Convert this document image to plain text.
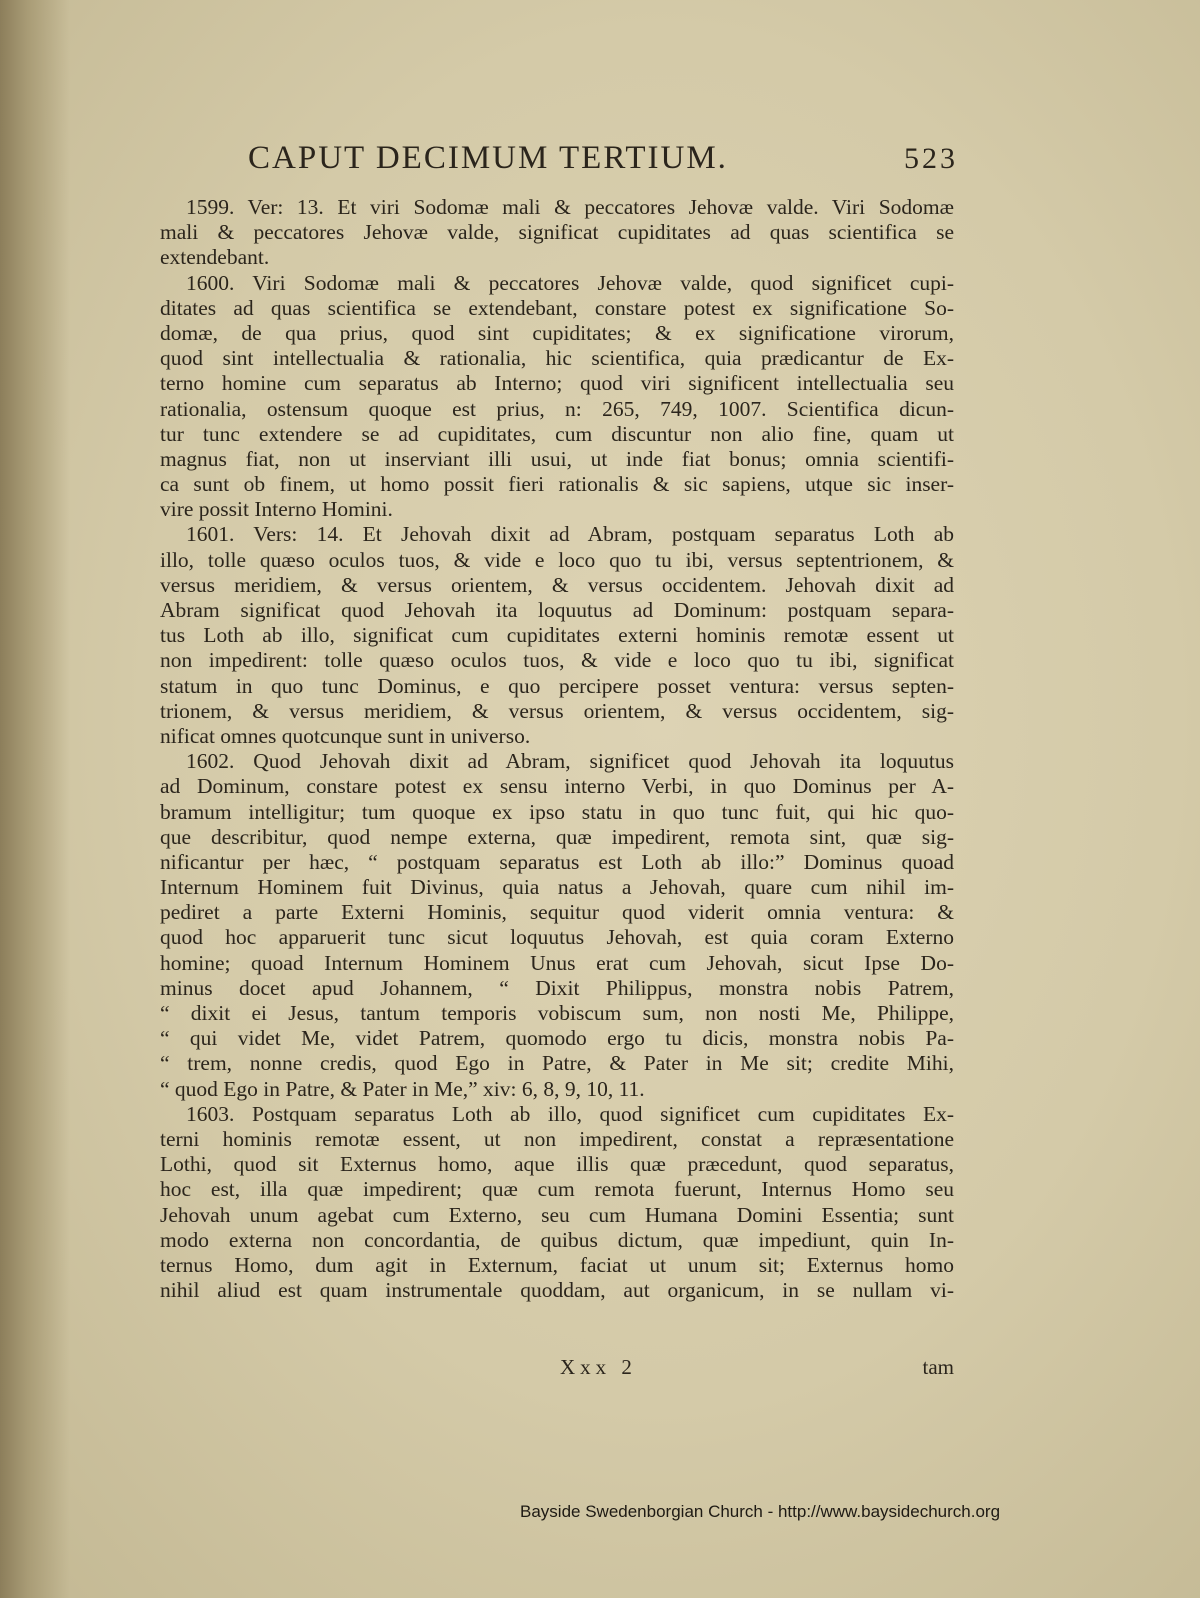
CAPUT DECIMUM TERTIUM.	523
1599. Ver: 13. Et viri Sodomæ mali & peccatores Jehovæ valde. Viri Sodomæ
mali & peccatores Jehovæ valde, significat cupiditates ad quas scientifica se
extendebant.
1600. Viri Sodomæ mali & peccatores Jehovæ valde, quod significet cupi-
ditates ad quas scientifica se extendebant, constare potest ex significatione So-
domæ, de qua prius, quod sint cupiditates; & ex significatione virorum,
quod sint intellectualia & rationalia, hic scientifica, quia prædicantur de Ex-
terno homine cum separatus ab Interno; quod viri significent intellectualia seu
rationalia, ostensum quoque est prius, n: 265, 749, 1007. Scientifica dicun-
tur tunc extendere se ad cupiditates, cum discuntur non alio fine, quam ut
magnus fiat, non ut inserviant illi usui, ut inde fiat bonus; omnia scientifi-
ca sunt ob finem, ut homo possit fieri rationalis & sic sapiens, utque sic inser-
vire possit Interno Homini.
1601. Vers: 14. Et Jehovah dixit ad Abram, postquam separatus Loth ab
illo, tolle quæso oculos tuos, & vide e loco quo tu ibi, versus septentrionem, &
versus meridiem, & versus orientem, & versus occidentem. Jehovah dixit ad
Abram significat quod Jehovah ita loquutus ad Dominum: postquam separa-
tus Loth ab illo, significat cum cupiditates externi hominis remotæ essent ut
non impedirent: tolle quæso oculos tuos, & vide e loco quo tu ibi, significat
statum in quo tunc Dominus, e quo percipere posset ventura: versus septen-
trionem, & versus meridiem, & versus orientem, & versus occidentem, sig-
nificat omnes quotcunque sunt in universo.
1602. Quod Jehovah dixit ad Abram, significet quod Jehovah ita loquutus
ad Dominum, constare potest ex sensu interno Verbi, in quo Dominus per A-
bramum intelligitur; tum quoque ex ipso statu in quo tunc fuit, qui hic quo-
que describitur, quod nempe externa, quæ impedirent, remota sint, quæ sig-
nificantur per hæc, “ postquam separatus est Loth ab illo:” Dominus quoad
Internum Hominem fuit Divinus, quia natus a Jehovah, quare cum nihil im-
pediret a parte Externi Hominis, sequitur quod viderit omnia ventura: &
quod hoc apparuerit tunc sicut loquutus Jehovah, est quia coram Externo
homine; quoad Internum Hominem Unus erat cum Jehovah, sicut Ipse Do-
minus docet apud Johannem, “ Dixit Philippus, monstra nobis Patrem,
“ dixit ei Jesus, tantum temporis vobiscum sum, non nosti Me, Philippe,
“ qui videt Me, videt Patrem, quomodo ergo tu dicis, monstra nobis Pa-
“ trem, nonne credis, quod Ego in Patre, & Pater in Me sit; credite Mihi,
“ quod Ego in Patre, & Pater in Me,” xiv: 6, 8, 9, 10, 11.
1603. Postquam separatus Loth ab illo, quod significet cum cupiditates Ex-
terni hominis remotæ essent, ut non impedirent, constat a repræsentatione
Lothi, quod sit Externus homo, aque illis quæ præcedunt, quod separatus,
hoc est, illa quæ impedirent; quæ cum remota fuerunt, Internus Homo seu
Jehovah unum agebat cum Externo, seu cum Humana Domini Essentia; sunt
modo externa non concordantia, de quibus dictum, quæ impediunt, quin In-
ternus Homo, dum agit in Externum, faciat ut unum sit; Externus homo
nihil aliud est quam instrumentale quoddam, aut organicum, in se nullam vi-
Xxx 2	tam
Bayside Swedenborgian Church - http://www.baysidechurch.org
